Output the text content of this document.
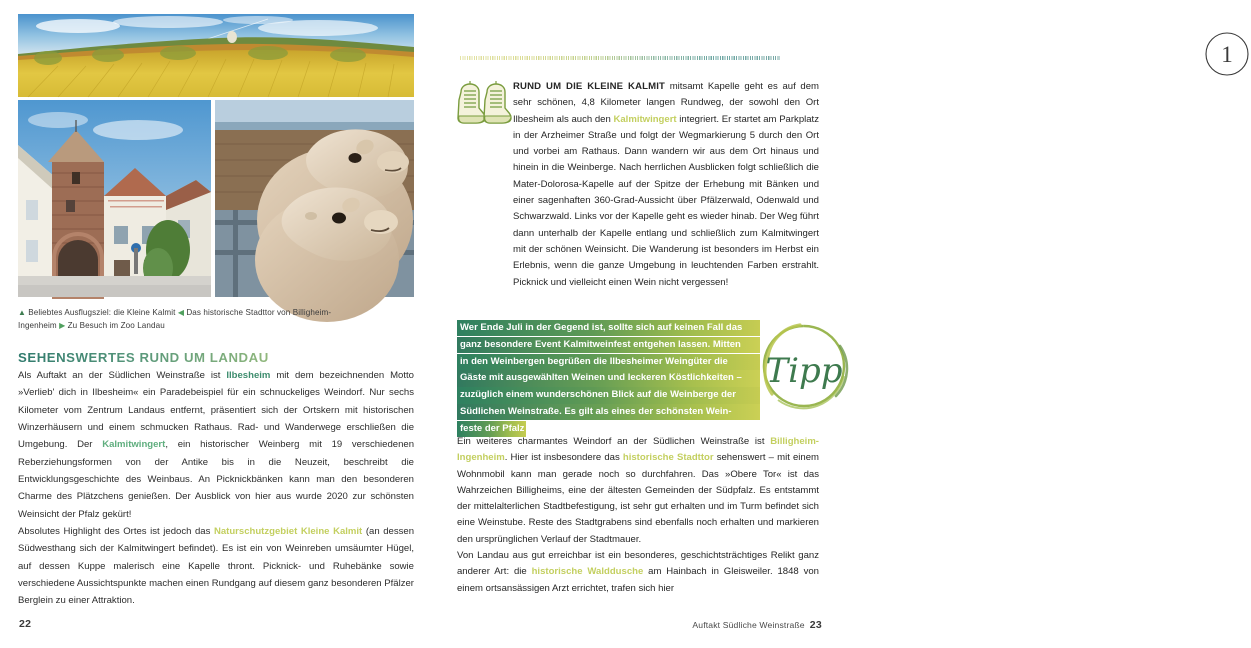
▲ Beliebtes Ausflugsziel: die Kleine Kalmit ◀ Das historische Stadttor von Billigheim-Ingenheim ▶ Zu Besuch im Zoo Landau
SEHENSWERTES RUND UM LANDAU

Als Auftakt an der Südlichen Weinstraße ist Ilbesheim mit dem bezeichnenden Motto »Verlieb' dich in Ilbesheim« ein Paradebeispiel für ein schnuckeliges Weindorf. Nur sechs Kilometer vom Zentrum Landaus entfernt, präsentiert sich der Ortskern mit historischen Winzerhäusern und einem schmucken Rathaus. Rad- und Wanderwege erschließen die Umgebung. Der Kalmitwingert, ein historischer Weinberg mit 19 verschiedenen Reberziehungsformen von der Antike bis in die Neuzeit, beschreibt die Entwicklungsgeschichte des Weinbaus. An Picknickbänken kann man den besonderen Charme des Plätzchens genießen. Der Ausblick von hier aus wurde 2020 zur schönsten Weinsicht der Pfalz gekürt!

Absolutes Highlight des Ortes ist jedoch das Naturschutzgebiet Kleine Kalmit (an dessen Südwesthang sich der Kalmitwingert befindet). Es ist ein von Weinreben umsäumter Hügel, auf dessen Kuppe malerisch eine Kapelle thront. Picknick- und Ruhebänke sowie verschiedene Aussichtspunkte machen einen Rundgang auf diesem ganz besonderen Pfälzer Berglein zu einer Attraktion.

22
1

RUND UM DIE KLEINE KALMIT mitsamt Kapelle geht es auf dem sehr schönen, 4,8 Kilometer langen Rundweg, der sowohl den Ort Ilbesheim als auch den Kalmitwingert integriert. Er startet am Parkplatz in der Arzheimer Straße und folgt der Wegmarkierung 5 durch den Ort und vorbei am Rathaus. Dann wandern wir aus dem Ort hinaus und hinein in die Weinberge. Nach herrlichen Ausblicken folgt schließlich die Mater-Dolorosa-Kapelle auf der Spitze der Erhebung mit Bänken und einer sagenhaften 360-Grad-Aussicht über Pfälzerwald, Odenwald und Schwarzwald. Links vor der Kapelle geht es wieder hinab. Der Weg führt dann unterhalb der Kapelle entlang und schließlich zum Kalmitwingert mit der schönen Weinsicht. Die Wanderung ist besonders im Herbst ein Erlebnis, wenn die ganze Umgebung in leuchtenden Farben erstrahlt. Picknick und vielleicht einen Wein nicht vergessen!

Wer Ende Juli in der Gegend ist, sollte sich auf keinen Fall das
ganz besondere Event Kalmitweinfest entgehen lassen. Mitten
in den Weinbergen begrüßen die Ilbesheimer Weingüter die
Gäste mit ausgewählten Weinen und leckeren Köstlichkeiten –
zuzüglich einem wunderschönen Blick auf die Weinberge der
Südlichen Weinstraße. Es gilt als eines der schönsten Wein-
feste der Pfalz
Tipp

Ein weiteres charmantes Weindorf an der Südlichen Weinstraße ist Billigheim-Ingenheim. Hier ist insbesondere das historische Stadttor sehenswert – mit einem Wohnmobil kann man gerade noch so durchfahren. Das »Obere Tor« ist das Wahrzeichen Billigheims, eine der ältesten Gemeinden der Südpfalz. Es entstammt der mittelalterlichen Stadtbefestigung, ist sehr gut erhalten und im Turm befindet sich eine Weinstube. Reste des Stadtgrabens sind ebenfalls noch erhalten und markieren den ursprünglichen Verlauf der Stadtmauer.

Von Landau aus gut erreichbar ist ein besonderes, geschichtsträchtiges Relikt ganz anderer Art: die historische Walddusche am Hainbach in Gleisweiler. 1848 von einem ortsansässigen Arzt errichtet, trafen sich hier

Auftakt Südliche Weinstraße 23
